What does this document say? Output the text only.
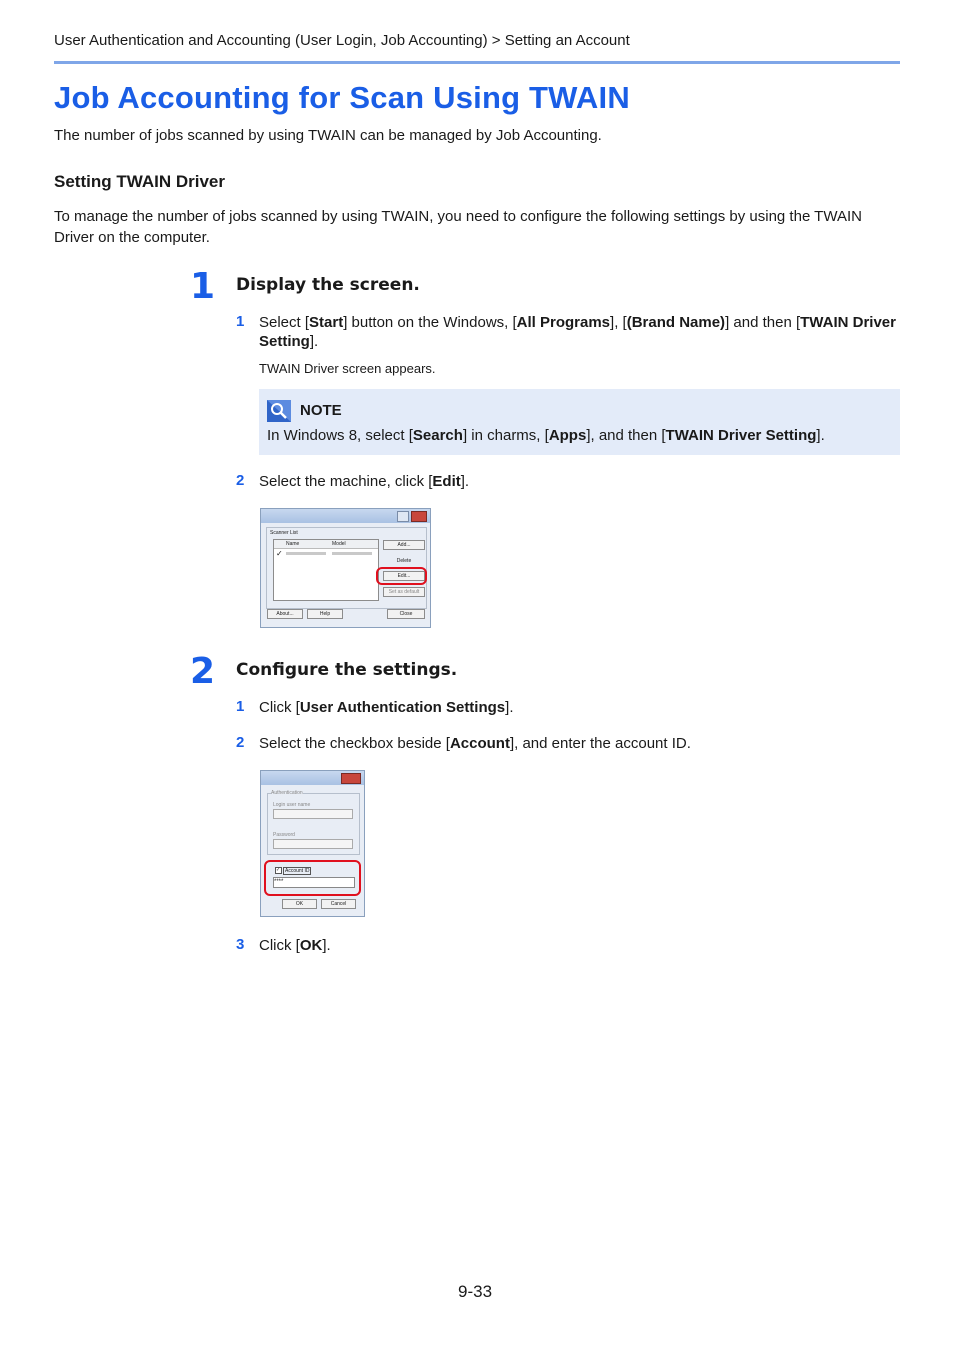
User Authentication and Accounting (User Login, Job Accounting) > Setting an Account
Job Accounting for Scan Using TWAIN
The number of jobs scanned by using TWAIN can be managed by Job Accounting.
Setting TWAIN Driver
To manage the number of jobs scanned by using TWAIN, you need to configure the following settings by using the TWAIN Driver on the computer.
1 Display the screen.
1 Select [Start] button on the Windows, [All Programs], [(Brand Name)] and then [TWAIN Driver Setting].
TWAIN Driver screen appears.
NOTE
In Windows 8, select [Search] in charms, [Apps], and then [TWAIN Driver Setting].
2 Select the machine, click [Edit].
Scanner List
Name	Model
✓
Add...
Delete
Edit...
Set as default
About...	Help	Close
2 Configure the settings.
1 Click [User Authentication Settings].
2 Select the checkbox beside [Account], and enter the account ID.
Authentication
Login user name
Password
✓ Account ID
****
OK	Cancel
3 Click [OK].
9-33
